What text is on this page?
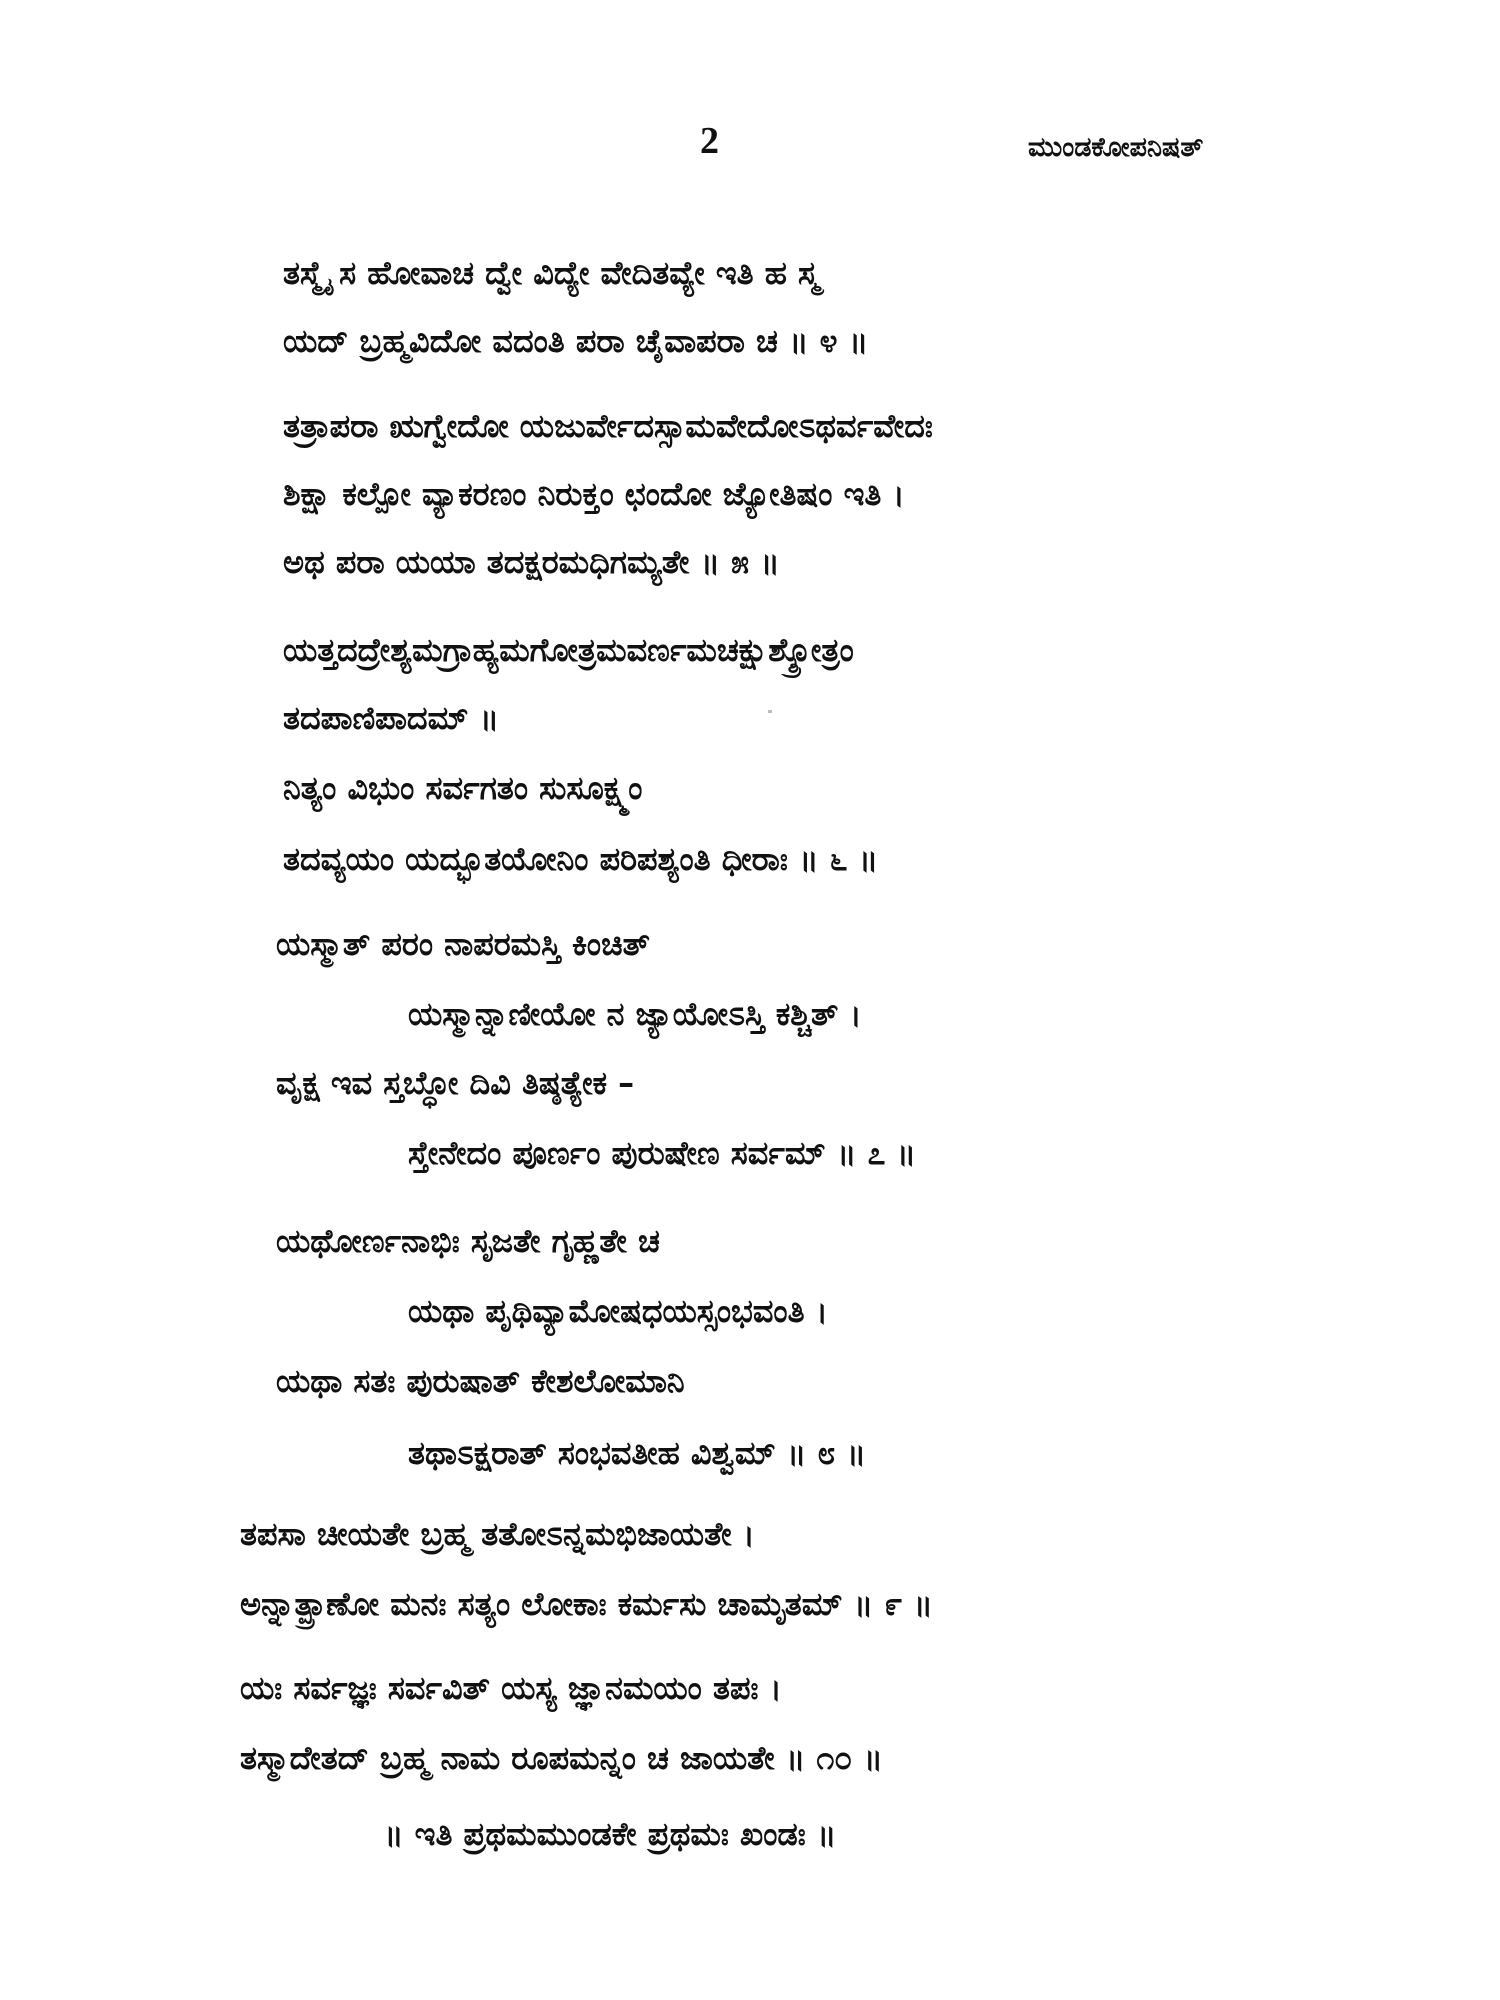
2	ಮುಂಡಕೋಪನಿಷತ್
ತಸ್ಮೈ ಸ ಹೋವಾಚ ದ್ವೇ ವಿದ್ಯೇ ವೇದಿತವ್ಯೇ ಇತಿ ಹ ಸ್ಮ
ಯದ್ ಬ್ರಹ್ಮವಿದೋ ವದಂತಿ ಪರಾ ಚೈವಾಪರಾ ಚ ॥ ೪ ॥
ತತ್ರಾಪರಾ ಋಗ್ವೇದೋ ಯಜುರ್ವೇದಸ್ಸಾಮವೇದೋಽಥರ್ವವೇದಃ
ಶಿಕ್ಷಾ ಕಲ್ಪೋ ವ್ಯಾಕರಣಂ ನಿರುಕ್ತಂ ಛಂದೋ ಜ್ಯೋತಿಷಂ ಇತಿ ।
ಅಥ ಪರಾ ಯಯಾ ತದಕ್ಷರಮಧಿಗಮ್ಯತೇ ॥ ೫ ॥
ಯತ್ತದದ್ರೇಶ್ಯಮಗ್ರಾಹ್ಯಮಗೋತ್ರಮವರ್ಣಮಚಕ್ಷುಶ್ಶ್ರೋತ್ರಂ
ತದಪಾಣಿಪಾದಮ್ ॥
ನಿತ್ಯಂ ವಿಭುಂ ಸರ್ವಗತಂ ಸುಸೂಕ್ಷ್ಮಂ
ತದವ್ಯಯಂ ಯದ್ಭೂತಯೋನಿಂ ಪರಿಪಶ್ಯಂತಿ ಧೀರಾಃ ॥ ೬ ॥
ಯಸ್ಮಾತ್ ಪರಂ ನಾಪರಮಸ್ತಿ ಕಿಂಚಿತ್
ಯಸ್ಮಾನ್ನಾಣೀಯೋ ನ ಜ್ಯಾಯೋಽಸ್ತಿ ಕಶ್ಚಿತ್ ।
ವೃಕ್ಷ ಇವ ಸ್ತಬ್ಧೋ ದಿವಿ ತಿಷ್ಠತ್ಯೇಕ –
ಸ್ತೇನೇದಂ ಪೂರ್ಣಂ ಪುರುಷೇಣ ಸರ್ವಮ್ ॥ ೭ ॥
ಯಥೋರ್ಣನಾಭಿಃ ಸೃಜತೇ ಗೃಹ್ಣತೇ ಚ
ಯಥಾ ಪೃಥಿವ್ಯಾಮೋಷಧಯಸ್ಸಂಭವಂತಿ ।
ಯಥಾ ಸತಃ ಪುರುಷಾತ್ ಕೇಶಲೋಮಾನಿ
ತಥಾಽಕ್ಷರಾತ್ ಸಂಭವತೀಹ ವಿಶ್ವಮ್ ॥ ೮ ॥
ತಪಸಾ ಚೀಯತೇ ಬ್ರಹ್ಮ ತತೋಽನ್ನಮಭಿಜಾಯತೇ ।
ಅನ್ನಾತ್ಪ್ರಾಣೋ ಮನಃ ಸತ್ಯಂ ಲೋಕಾಃ ಕರ್ಮಸು ಚಾಮೃತಮ್ ॥ ೯ ॥
ಯಃ ಸರ್ವಜ್ಞಃ ಸರ್ವವಿತ್ ಯಸ್ಯ ಜ್ಞಾನಮಯಂ ತಪಃ ।
ತಸ್ಮಾದೇತದ್ ಬ್ರಹ್ಮ ನಾಮ ರೂಪಮನ್ನಂ ಚ ಜಾಯತೇ ॥ ೧೦ ॥
॥ ಇತಿ ಪ್ರಥಮಮುಂಡಕೇ ಪ್ರಥಮಃ ಖಂಡಃ ॥
